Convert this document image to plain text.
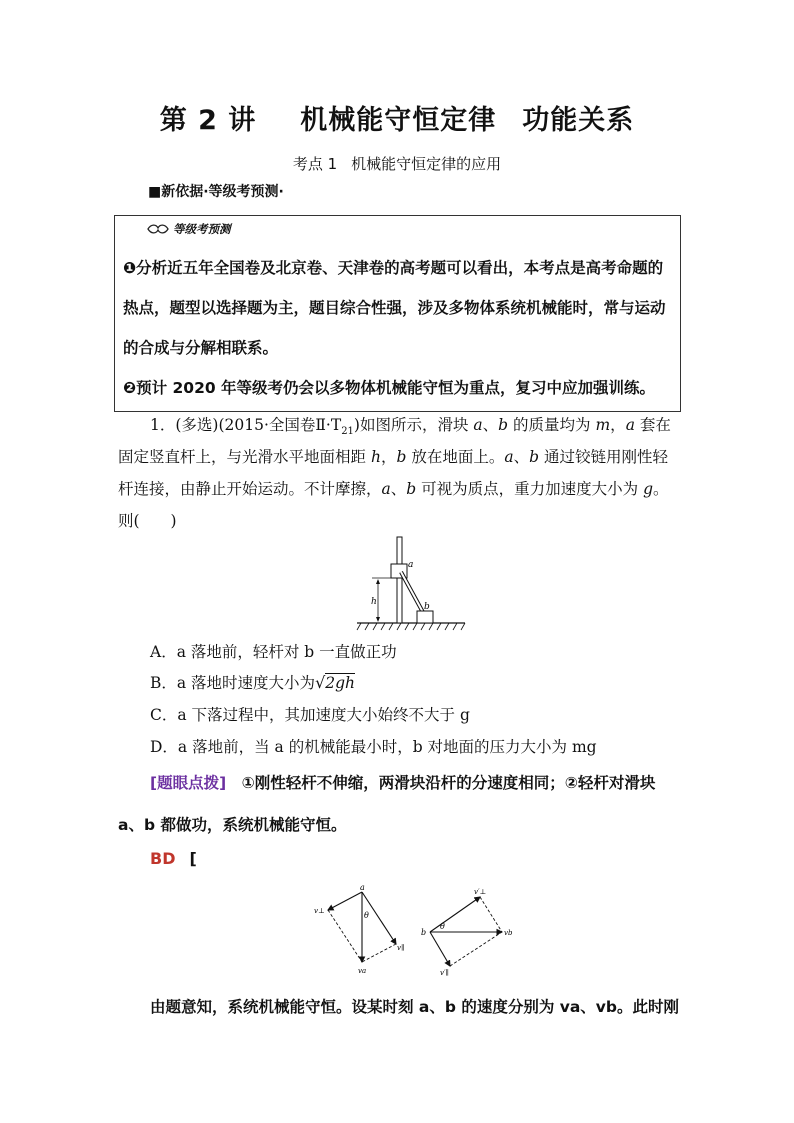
第 2 讲 机械能守恒定律 功能关系
考点 1 机械能守恒定律的应用
■新依据·等级考预测·
等级考预测
❶分析近五年全国卷及北京卷、天津卷的高考题可以看出，本考点是高考命题的热点，题型以选择题为主，题目综合性强，涉及多物体系统机械能时，常与运动的合成与分解相联系。
❷预计 2020 年等级考仍会以多物体机械能守恒为重点，复习中应加强训练。
1．(多选)(2015·全国卷$Ⅱ\cdot T_{21}$)如图所示，滑块 a、b 的质量均为 m，a 套在
固定竖直杆上，与光滑水平地面相距 h，b 放在地面上。a、b 通过铰链用刚性轻
杆连接，由静止开始运动。不计摩擦，a、b 可视为质点，重力加速度大小为 g。
则(　　)
a
b
h
A．a 落地前，轻杆对 b 一直做正功
B．a 落地时速度大小为√2gh
C．a 下落过程中，其加速度大小始终不大于 g
D．a 落地前，当 a 的机械能最小时，b 对地面的压力大小为 mg
[题眼点拨] ①刚性轻杆不伸缩，两滑块沿杆的分速度相同；②轻杆对滑块
a、b 都做功，系统机械能守恒。
BD [
a
θ
v⊥
v∥
va
b
θ
v′⊥
vb
v′∥
由题意知，系统机械能守恒。设某时刻 a、b 的速度分别为 va、vb。此时刚
